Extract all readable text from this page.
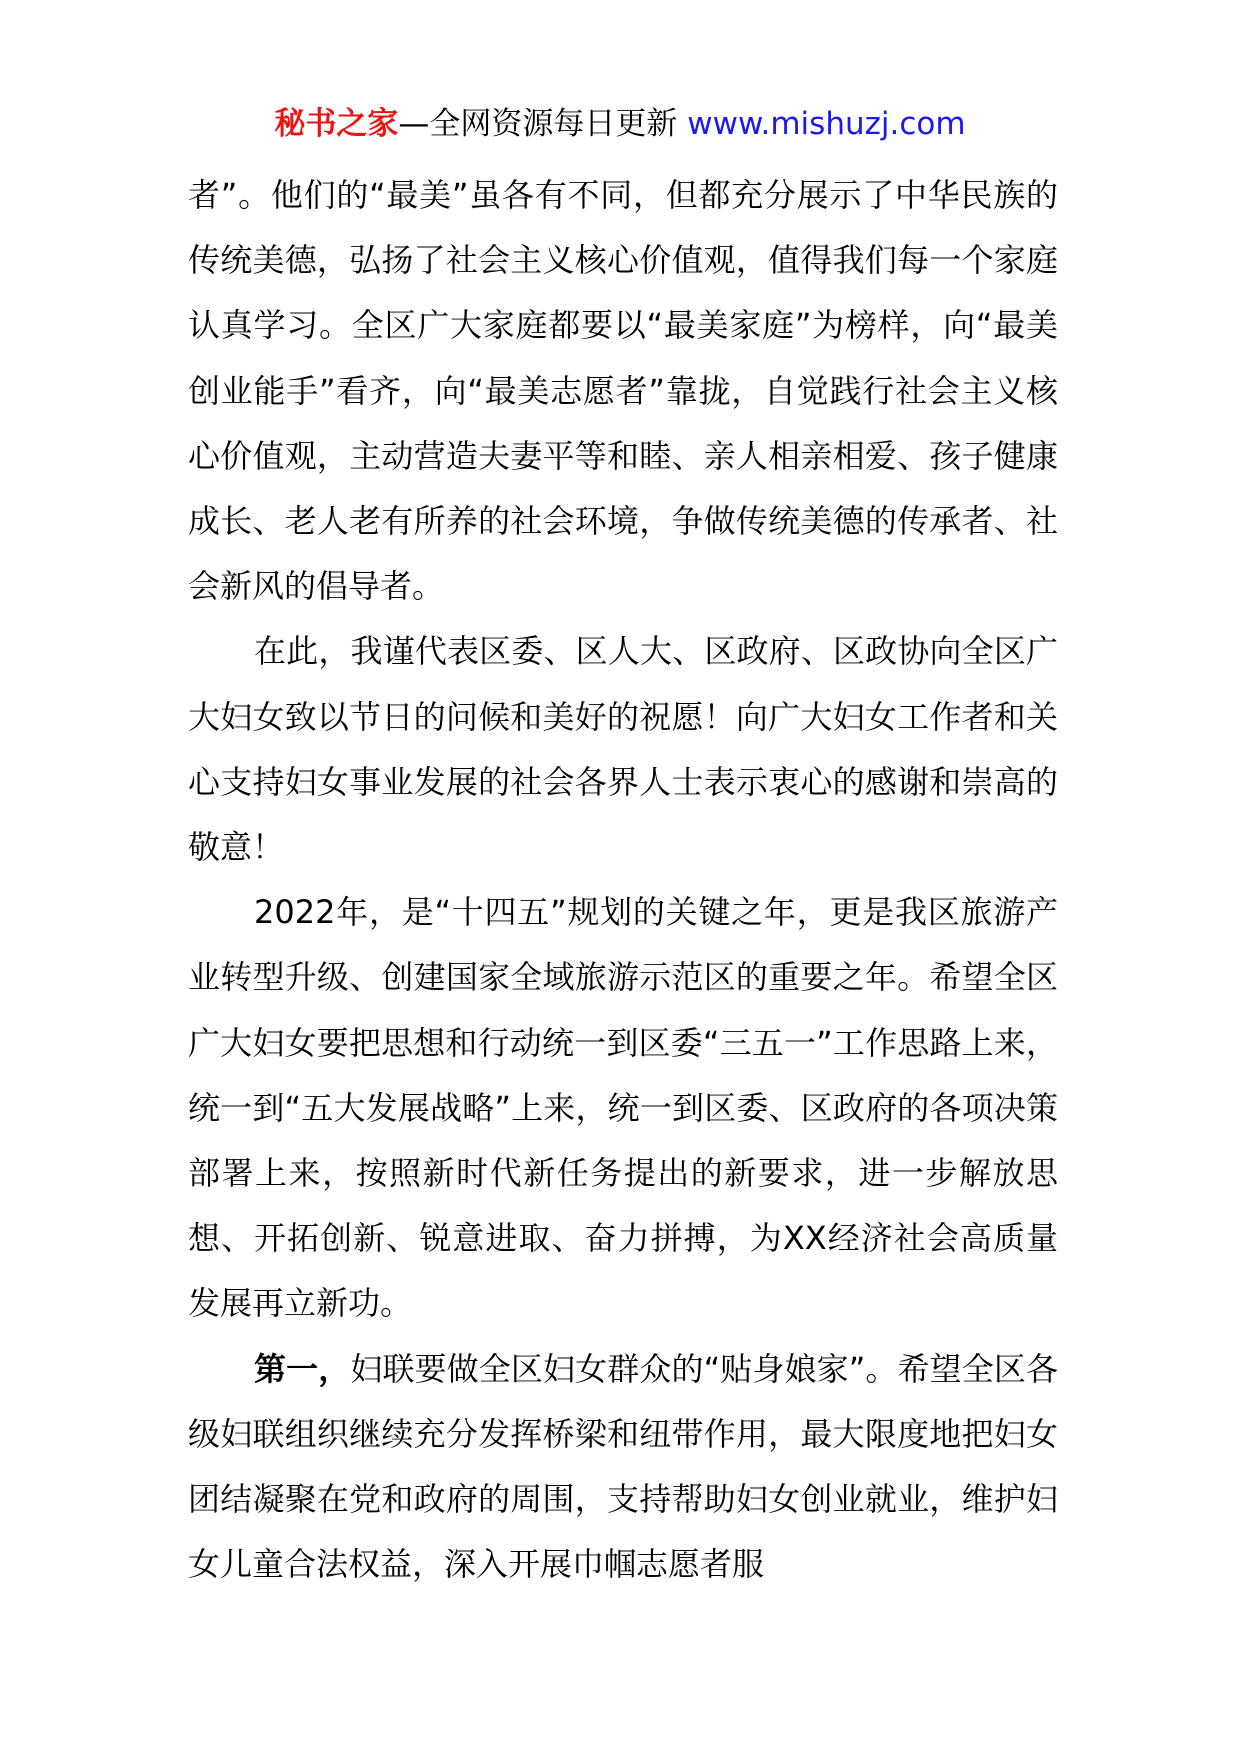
秘书之家—全网资源每日更新 www.mishuzj.com

者”。他们的“最美”虽各有不同，但都充分展示了中华民族的传统美德，弘扬了社会主义核心价值观，值得我们每一个家庭认真学习。全区广大家庭都要以“最美家庭”为榜样，向“最美创业能手”看齐，向“最美志愿者”靠拢，自觉践行社会主义核心价值观，主动营造夫妻平等和睦、亲人相亲相爱、孩子健康成长、老人老有所养的社会环境，争做传统美德的传承者、社会新风的倡导者。

在此，我谨代表区委、区人大、区政府、区政协向全区广大妇女致以节日的问候和美好的祝愿！向广大妇女工作者和关心支持妇女事业发展的社会各界人士表示衷心的感谢和崇高的敬意！

2022年，是“十四五”规划的关键之年，更是我区旅游产业转型升级、创建国家全域旅游示范区的重要之年。希望全区广大妇女要把思想和行动统一到区委“三五一”工作思路上来，统一到“五大发展战略”上来，统一到区委、区政府的各项决策部署上来，按照新时代新任务提出的新要求，进一步解放思想、开拓创新、锐意进取、奋力拼搏，为XX经济社会高质量发展再立新功。

第一，妇联要做全区妇女群众的“贴身娘家”。希望全区各级妇联组织继续充分发挥桥梁和纽带作用，最大限度地把妇女团结凝聚在党和政府的周围，支持帮助妇女创业就业，维护妇女儿童合法权益，深入开展巾帼志愿者服
